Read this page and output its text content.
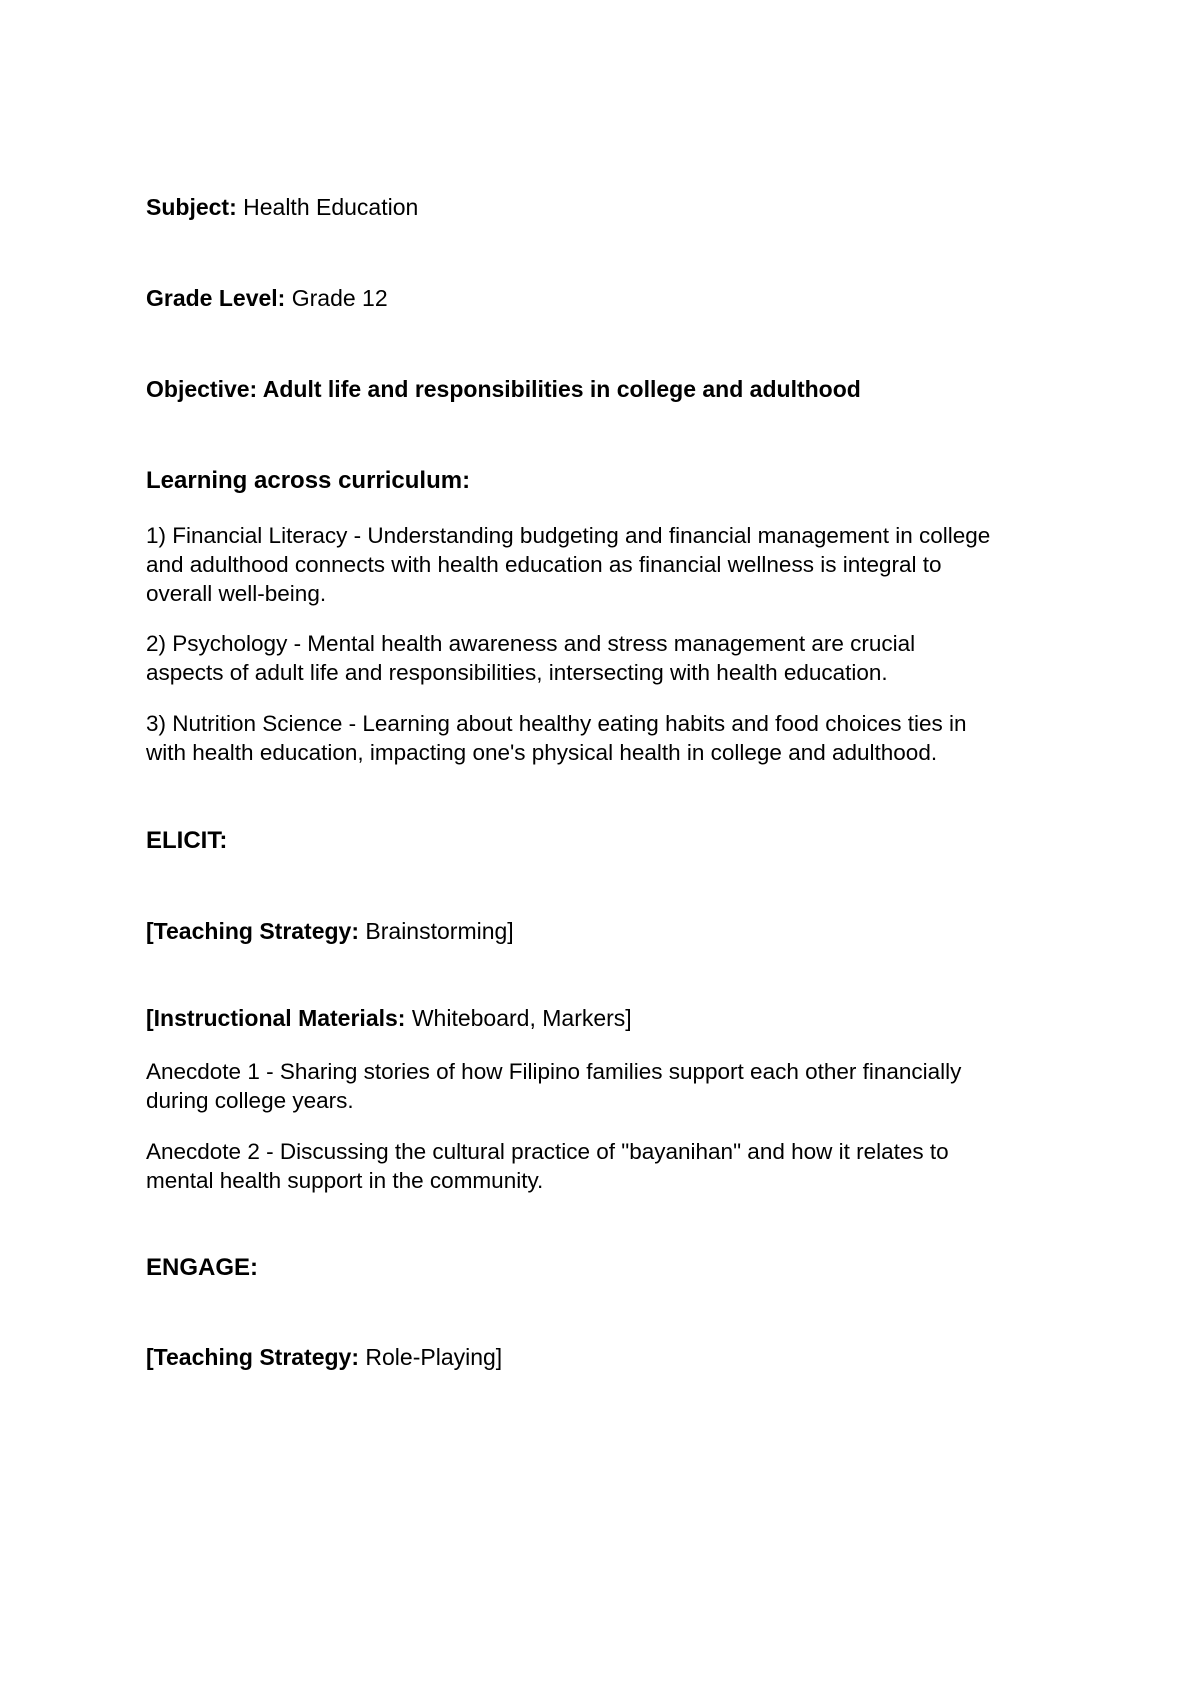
Subject: Health Education
Grade Level: Grade 12
Objective: Adult life and responsibilities in college and adulthood
Learning across curriculum:
1) Financial Literacy - Understanding budgeting and financial management in college
and adulthood connects with health education as financial wellness is integral to
overall well-being.
2) Psychology - Mental health awareness and stress management are crucial
aspects of adult life and responsibilities, intersecting with health education.
3) Nutrition Science - Learning about healthy eating habits and food choices ties in
with health education, impacting one's physical health in college and adulthood.
ELICIT:
[Teaching Strategy: Brainstorming]
[Instructional Materials: Whiteboard, Markers]
Anecdote 1 - Sharing stories of how Filipino families support each other financially
during college years.
Anecdote 2 - Discussing the cultural practice of "bayanihan" and how it relates to
mental health support in the community.
ENGAGE:
[Teaching Strategy: Role-Playing]
